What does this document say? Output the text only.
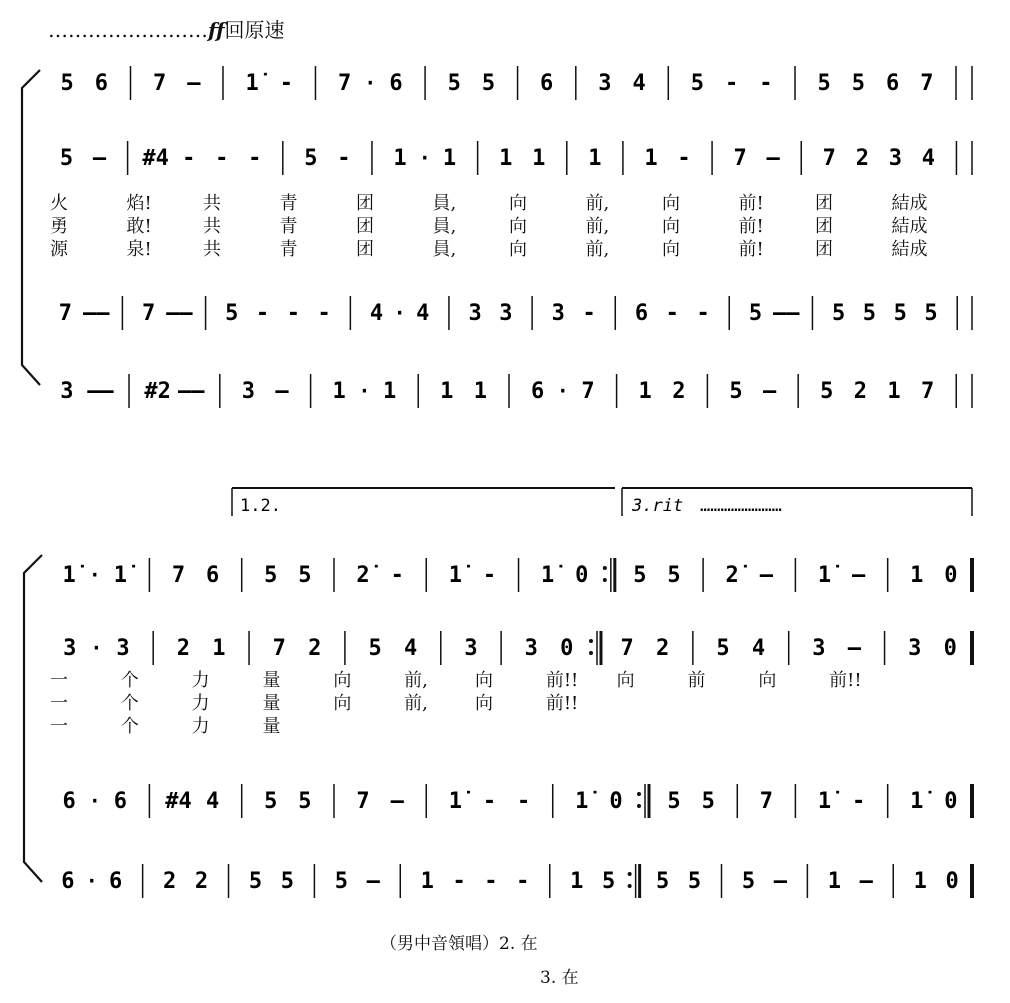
……………………ff回原速
1.2.	3.rit ……………………
5 6 7 — 1̇ - 7 · 6 5 5 6 3 4 5 - - 5 5 6 7
5 — #4 - - - 5 - 1 · 1 1 1 1 1 - 7 — 7 2 3 4
7 —— 7 —— 5 - - - 4 · 4 3 3 3 - 6 - - 5 —— 5 5 5 5
3 —— #2 —— 3 — 1 · 1 1 1 6 · 7 1 2 5 — 5 2 1 7
1̇ · 1̇	7 6 5 5 2̇ - 1̇ - 1̇ 0 5 5 2̇ — 1̇ — 1 0
3 · 3 2 1 7 2 5 4 3 3 0 7 2 5 4 3 — 3 0
6 · 6 #4 4 5 5 7 — 1̇ - - 1̇ 0 5 5 7 1̇ - 1̇ 0
6 · 6 2 2 5 5 5 — 1 - - - 1 5 5 5 5 — 1 — 1 0
火	焰!	共	青	团	員,	向	前,	向	前!	团	結成
勇	敢!	共	青	团	員,	向	前,	向	前!	团	結成
源	泉!	共	青	团	員,	向	前,	向	前!	团	結成
一	个	力	量	向	前,	向	前!! 向	前	向	前!!
一	个	力	量	向	前,	向	前!!
一	个	力	量
（男中音領唱）2. 在
3. 在
